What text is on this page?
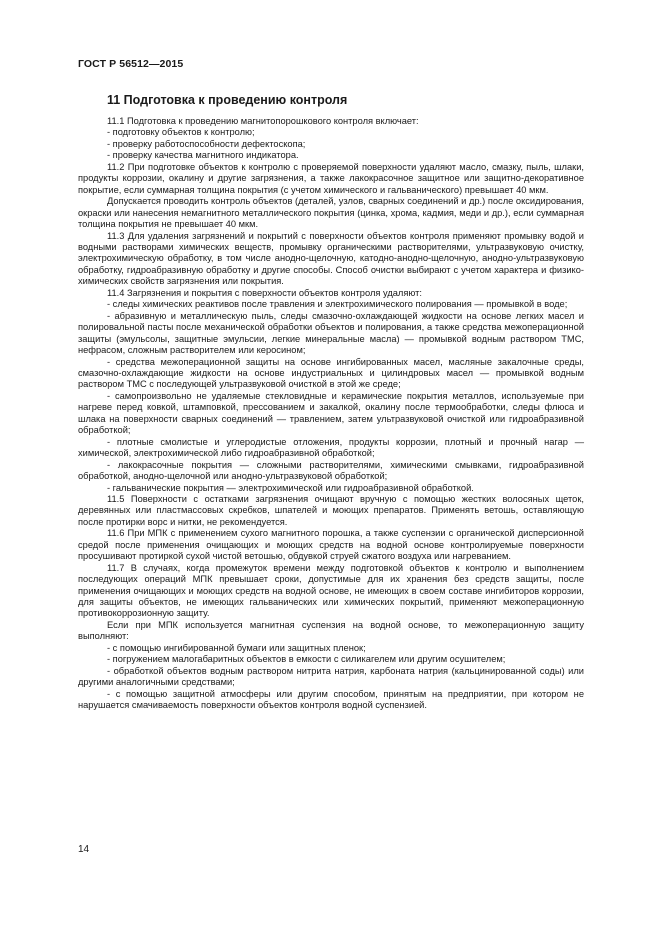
ГОСТ Р 56512—2015
11 Подготовка к проведению контроля

11.1 Подготовка к проведению магнитопорошкового контроля включает:

- подготовку объектов к контролю;

- проверку работоспособности дефектоскопа;

- проверку качества магнитного индикатора.

11.2 При подготовке объектов к контролю с проверяемой поверхности удаляют масло, смазку, пыль, шлаки, продукты коррозии, окалину и другие загрязнения, а также лакокрасочное защитное или защитно-декоративное покрытие, если суммарная толщина покрытия (с учетом химического и гальванического) превышает 40 мкм.

Допускается проводить контроль объектов (деталей, узлов, сварных соединений и др.) после оксидирования, окраски или нанесения немагнитного металлического покрытия (цинка, хрома, кадмия, меди и др.), если суммарная толщина покрытия не превышает 40 мкм.

11.3 Для удаления загрязнений и покрытий с поверхности объектов контроля применяют промывку водой и водными растворами химических веществ, промывку органическими растворителями, ультразвуковую очистку, электрохимическую обработку, в том числе анодно-щелочную, катодно-анодно-щелочную, анодно-ультразвуковую обработку, гидроабразивную обработку и другие способы. Способ очистки выбирают с учетом характера и физико-химических свойств загрязнения или покрытия.

11.4 Загрязнения и покрытия с поверхности объектов контроля удаляют:

- следы химических реактивов после травления и электрохимического полирования — промывкой в воде;

- абразивную и металлическую пыль, следы смазочно-охлаждающей жидкости на основе легких масел и полировальной пасты после механической обработки объектов и полирования, а также средства межоперационной защиты (эмульсолы, защитные эмульсии, легкие минеральные масла) — промывкой водным раствором ТМС, нефрасом, сложным растворителем или керосином;

- средства межоперационной защиты на основе ингибированных масел, масляные закалочные среды, смазочно-охлаждающие жидкости на основе индустриальных и цилиндровых масел — промывкой водным раствором ТМС с последующей ультразвуковой очисткой в этой же среде;

- самопроизвольно не удаляемые стекловидные и керамические покрытия металлов, используемые при нагреве перед ковкой, штамповкой, прессованием и закалкой, окалину после термообработки, следы флюса и шлака на поверхности сварных соединений — травлением, затем ультразвуковой очисткой или гидроабразивной обработкой;

- плотные смолистые и углеродистые отложения, продукты коррозии, плотный и прочный нагар — химической, электрохимической либо гидроабразивной обработкой;

- лакокрасочные покрытия — сложными растворителями, химическими смывками, гидроабразивной обработкой, анодно-щелочной или анодно-ультразвуковой обработкой;

- гальванические покрытия — электрохимической или гидроабразивной обработкой.

11.5 Поверхности с остатками загрязнения очищают вручную с помощью жестких волосяных щеток, деревянных или пластмассовых скребков, шпателей и моющих препаратов. Применять ветошь, оставляющую после протирки ворс и нитки, не рекомендуется.

11.6 При МПК с применением сухого магнитного порошка, а также суспензии с органической дисперсионной средой после применения очищающих и моющих средств на водной основе контролируемые поверхности просушивают протиркой сухой чистой ветошью, обдувкой струей сжатого воздуха или нагреванием.

11.7 В случаях, когда промежуток времени между подготовкой объектов к контролю и выполнением последующих операций МПК превышает сроки, допустимые для их хранения без средств защиты, после применения очищающих и моющих средств на водной основе, не имеющих в своем составе ингибиторов коррозии, для защиты объектов, не имеющих гальванических или химических покрытий, применяют межоперационную противокоррозионную защиту.

Если при МПК используется магнитная суспензия на водной основе, то межоперационную защиту выполняют:

- с помощью ингибированной бумаги или защитных пленок;

- погружением малогабаритных объектов в емкости с силикагелем или другим осушителем;

- обработкой объектов водным раствором нитрита натрия, карбоната натрия (кальцинированной соды) или другими аналогичными средствами;

- с помощью защитной атмосферы или другим способом, принятым на предприятии, при котором не нарушается смачиваемость поверхности объектов контроля водной суспензией.

14
